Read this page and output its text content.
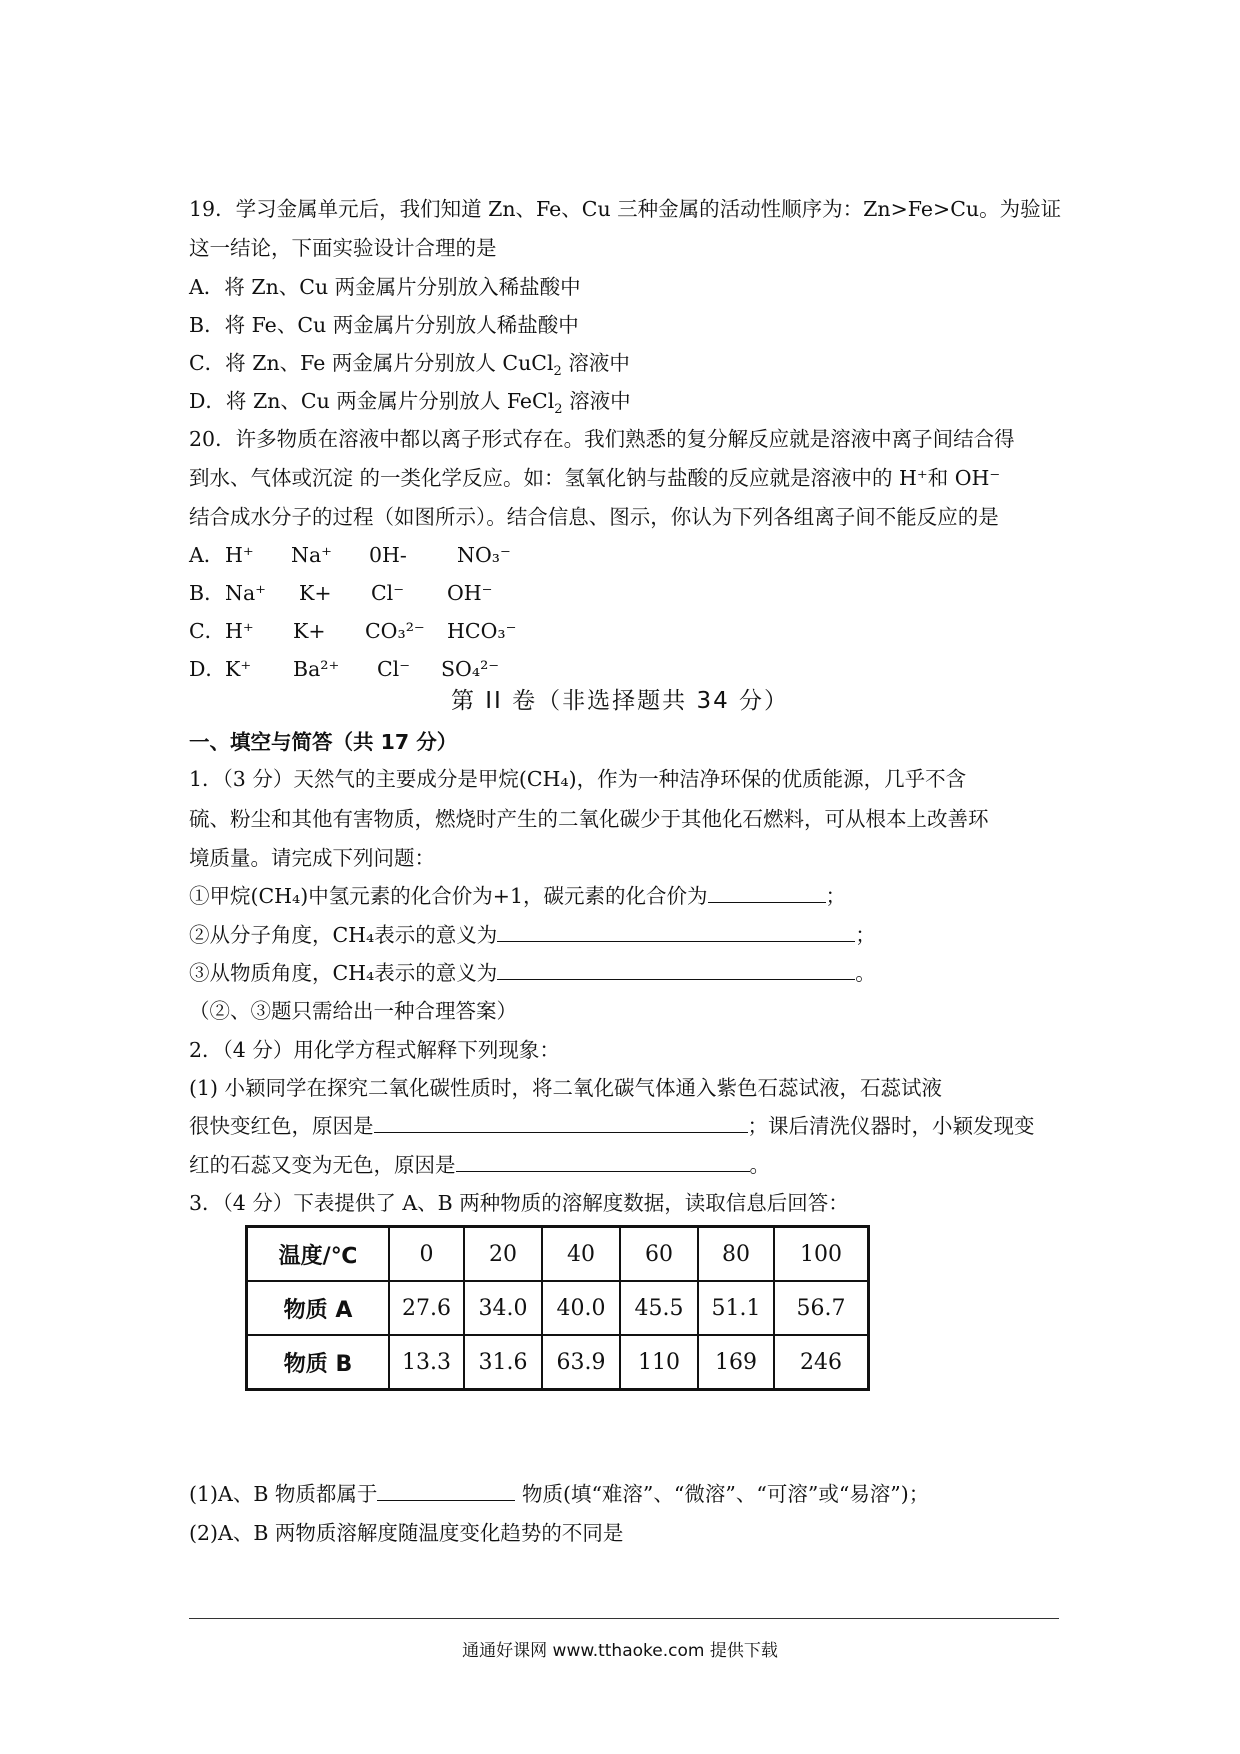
19．学习金属单元后，我们知道 Zn、Fe、Cu 三种金属的活动性顺序为：Zn>Fe>Cu。为验证
这一结论，下面实验设计合理的是
A．将 Zn、Cu 两金属片分别放入稀盐酸中
B．将 Fe、Cu 两金属片分别放人稀盐酸中
C．将 Zn、Fe 两金属片分别放人 CuCl$_2$ 溶液中
D．将 Zn、Cu 两金属片分别放人 FeCl$_2$ 溶液中
20．许多物质在溶液中都以离子形式存在。我们熟悉的复分解反应就是溶液中离子间结合得
到水、气体或沉淀 的一类化学反应。如：氢氧化钠与盐酸的反应就是溶液中的 H⁺和 OH⁻
结合成水分子的过程（如图所示）。结合信息、图示，你认为下列各组离子间不能反应的是
A．H⁺ Na⁺ 0H- NO₃⁻
B．Na⁺ K+ Cl⁻ OH⁻
C．H⁺ K+ CO₃²⁻ HCO₃⁻
D．K⁺ Ba²⁺ Cl⁻ SO₄²⁻
第 II 卷（非选择题共 34 分）
一、填空与简答（共 17 分）
1．（3 分）天然气的主要成分是甲烷(CH₄)，作为一种洁净环保的优质能源，几乎不含
硫、粉尘和其他有害物质，燃烧时产生的二氧化碳少于其他化石燃料，可从根本上改善环
境质量。请完成下列问题：
①甲烷(CH₄)中氢元素的化合价为+1，碳元素的化合价为	；
②从分子角度，CH₄表示的意义为	；
③从物质角度，CH₄表示的意义为	。
（②、③题只需给出一种合理答案）
2．（4 分）用化学方程式解释下列现象：
(1) 小颖同学在探究二氧化碳性质时，将二氧化碳气体通入紫色石蕊试液，石蕊试液
很快变红色，原因是	；课后清洗仪器时，小颖发现变
红的石蕊又变为无色，原因是	。
3．（4 分）下表提供了 A、B 两种物质的溶解度数据，读取信息后回答：
温度/℃	0	20	40	60	80	100
物质 A	27.6	34.0	40.0	45.5	51.1	56.7
物质 B	13.3	31.6	63.9	110	169	246
(1)A、B 物质都属于	物质(填“难溶”、“微溶”、“可溶”或“易溶”)；
(2)A、B 两物质溶解度随温度变化趋势的不同是
通通好课网 www.tthaoke.com 提供下载
